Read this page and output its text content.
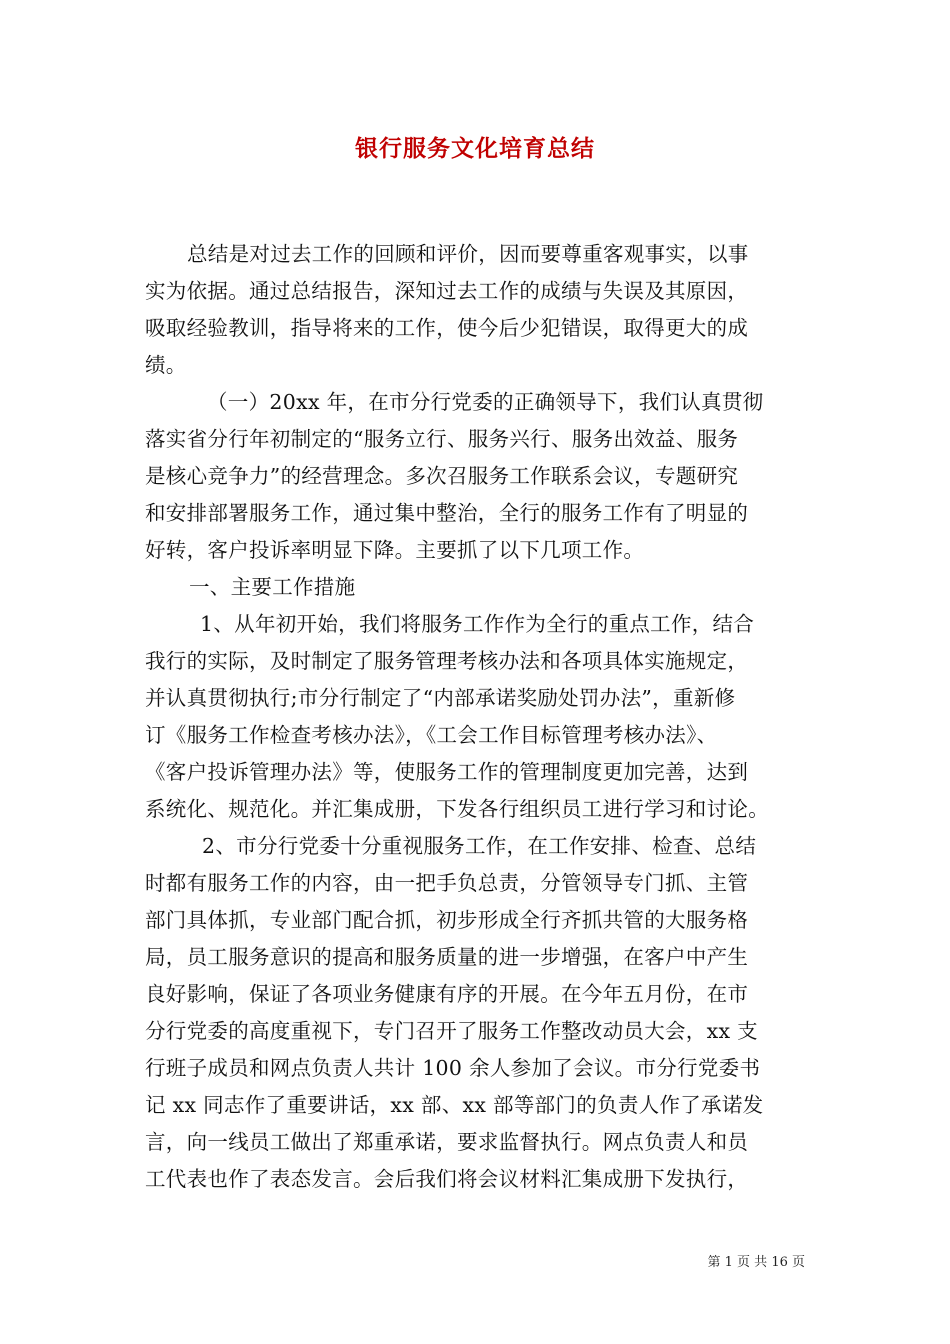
银行服务文化培育总结
总结是对过去工作的回顾和评价，因而要尊重客观事实，以事
实为依据。通过总结报告，深知过去工作的成绩与失误及其原因，
吸取经验教训，指导将来的工作，使今后少犯错误，取得更大的成
绩。
（一）20xx 年，在市分行党委的正确领导下，我们认真贯彻
落实省分行年初制定的“服务立行、服务兴行、服务出效益、服务
是核心竞争力”的经营理念。多次召服务工作联系会议，专题研究
和安排部署服务工作，通过集中整治，全行的服务工作有了明显的
好转，客户投诉率明显下降。主要抓了以下几项工作。
一、主要工作措施
1、从年初开始，我们将服务工作作为全行的重点工作，结合
我行的实际，及时制定了服务管理考核办法和各项具体实施规定，
并认真贯彻执行;市分行制定了“内部承诺奖励处罚办法”，重新修
订《服务工作检查考核办法》，《工会工作目标管理考核办法》、
《客户投诉管理办法》等，使服务工作的管理制度更加完善，达到
系统化、规范化。并汇集成册，下发各行组织员工进行学习和讨论。
2、市分行党委十分重视服务工作，在工作安排、检查、总结
时都有服务工作的内容，由一把手负总责，分管领导专门抓、主管
部门具体抓，专业部门配合抓，初步形成全行齐抓共管的大服务格
局，员工服务意识的提高和服务质量的进一步增强，在客户中产生
良好影响，保证了各项业务健康有序的开展。在今年五月份，在市
分行党委的高度重视下，专门召开了服务工作整改动员大会，xx 支
行班子成员和网点负责人共计 100 余人参加了会议。市分行党委书
记 xx 同志作了重要讲话，xx 部、xx 部等部门的负责人作了承诺发
言，向一线员工做出了郑重承诺，要求监督执行。网点负责人和员
工代表也作了表态发言。会后我们将会议材料汇集成册下发执行，
第 1 页 共 16 页
